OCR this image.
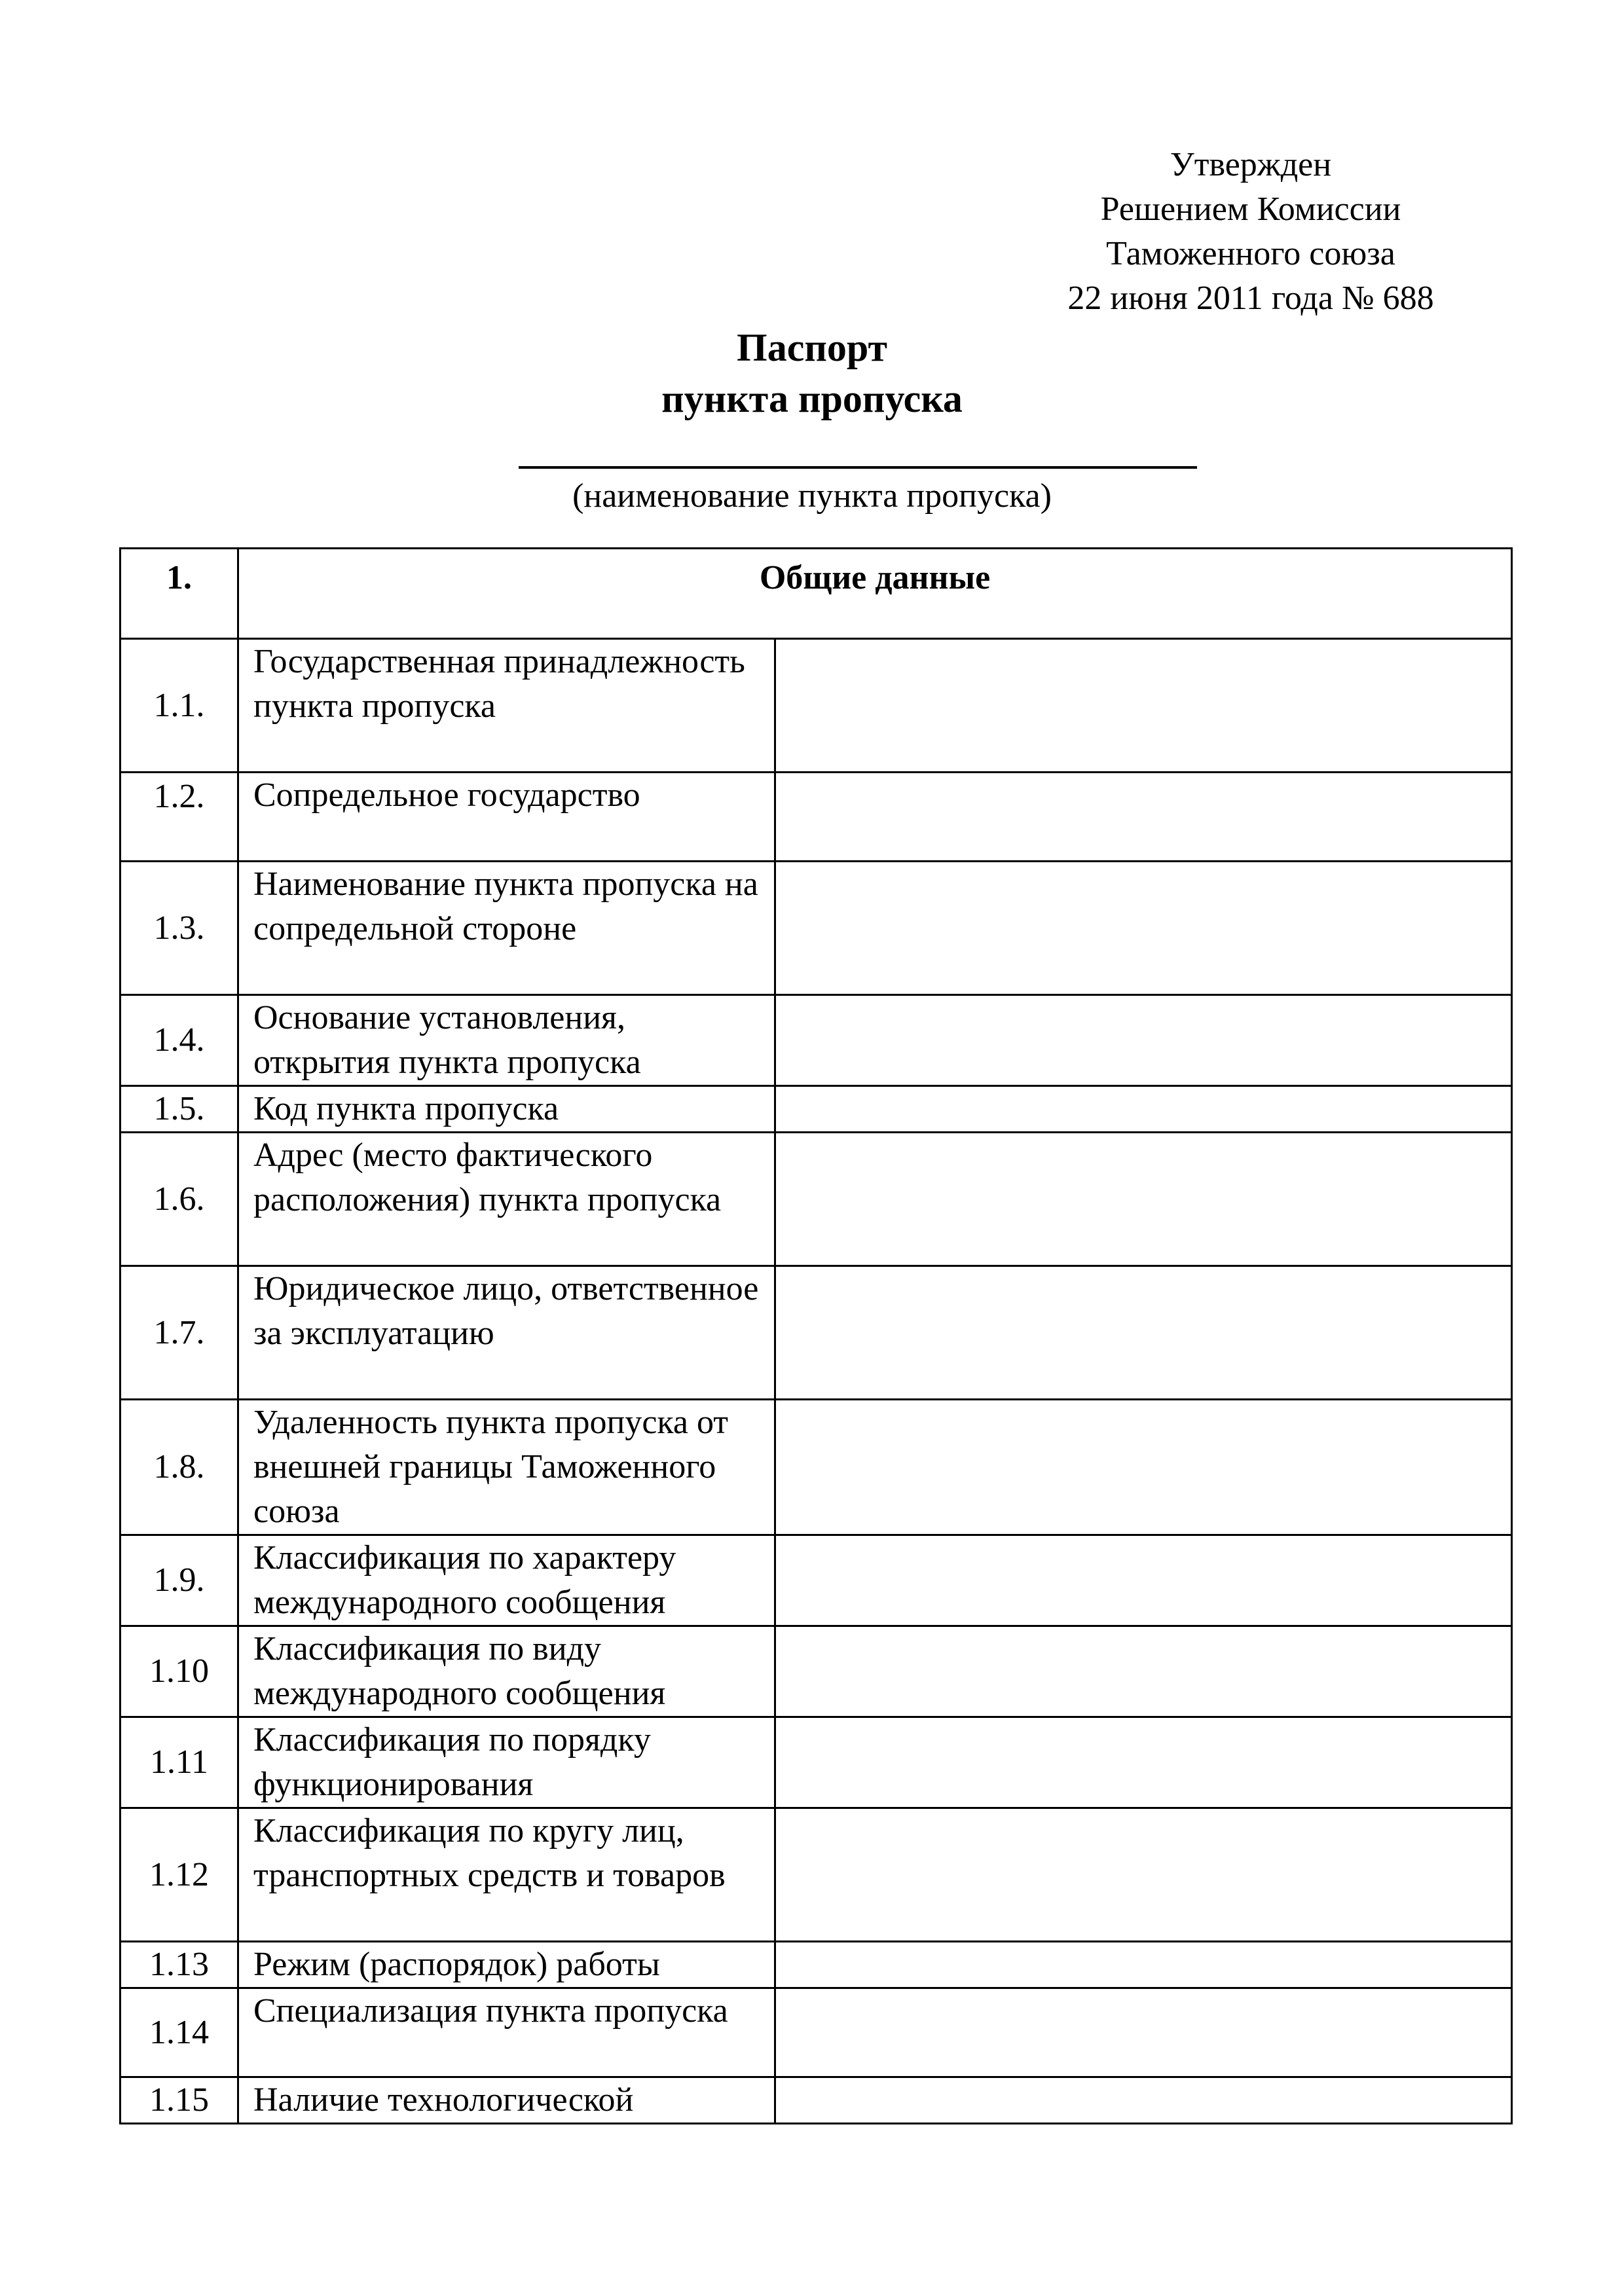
Утвержден
Решением Комиссии
Таможенного союза
22 июня 2011 года № 688
Паспорт
пункта пропуска
(наименование пункта пропуска)
1.	Общие данные	
1.1.	Государственная принадлежность пункта пропуска	
1.2.	Сопредельное государство	
1.3.	Наименование пункта пропуска на сопредельной стороне	
1.4.	Основание установления, открытия пункта пропуска	
1.5.	Код пункта пропуска	
1.6.	Адрес (место фактического расположения) пункта пропуска	
1.7.	Юридическое лицо, ответственное за эксплуатацию	
1.8.	Удаленность пункта пропуска от внешней границы Таможенного союза	
1.9.	Классификация по характеру международного сообщения	
1.10	Классификация по виду международного сообщения	
1.11	Классификация по порядку функционирования	
1.12	Классификация по кругу лиц, транспортных средств и товаров	
1.13	Режим (распорядок) работы	
1.14	Специализация пункта пропуска	
1.15	Наличие технологической	
